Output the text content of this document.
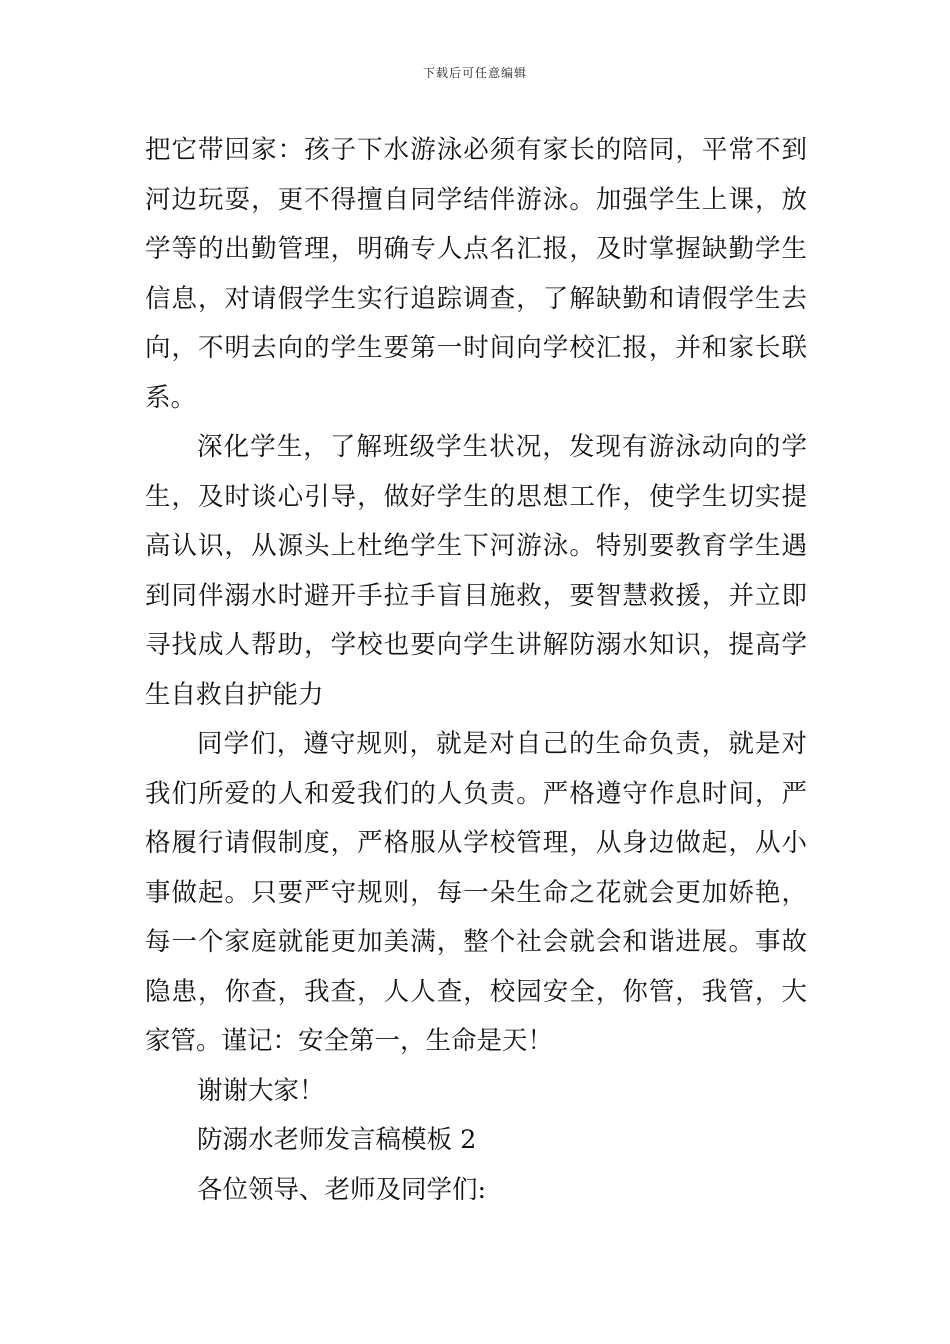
下载后可任意编辑
把它带回家：孩子下水游泳必须有家长的陪同，平常不到
河边玩耍，更不得擅自同学结伴游泳。加强学生上课，放
学等的出勤管理，明确专人点名汇报，及时掌握缺勤学生
信息，对请假学生实行追踪调查，了解缺勤和请假学生去
向，不明去向的学生要第一时间向学校汇报，并和家长联
系。
深化学生，了解班级学生状况，发现有游泳动向的学
生，及时谈心引导，做好学生的思想工作，使学生切实提
高认识，从源头上杜绝学生下河游泳。特别要教育学生遇
到同伴溺水时避开手拉手盲目施救，要智慧救援，并立即
寻找成人帮助，学校也要向学生讲解防溺水知识，提高学
生自救自护能力
同学们，遵守规则，就是对自己的生命负责，就是对
我们所爱的人和爱我们的人负责。严格遵守作息时间，严
格履行请假制度，严格服从学校管理，从身边做起，从小
事做起。只要严守规则，每一朵生命之花就会更加娇艳，
每一个家庭就能更加美满，整个社会就会和谐进展。事故
隐患，你查，我查，人人查，校园安全，你管，我管，大
家管。谨记：安全第一，生命是天！
谢谢大家！
防溺水老师发言稿模板 2
各位领导、老师及同学们:
